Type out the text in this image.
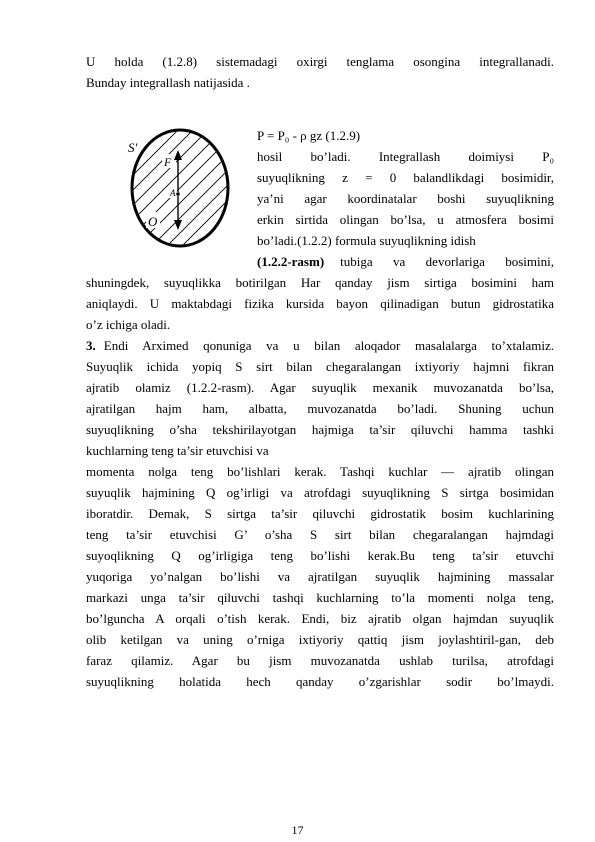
U holda (1.2.8) sistemadagi oxirgi tenglama osongina integrallanadi.
Bunday integrallash natijasida .
S'
F
A
O
P = P₀ - ρ gz (1.2.9)
hosil bo’ladi. Integrallash doimiysi P₀
suyuqlikning z = 0 balandlikdagi bosimidir,
ya’ni agar koordinatalar boshi suyuqlikning
erkin sirtida olingan bo’lsa, u atmosfera bosimi
bo’ladi.(1.2.2) formula suyuqlikning idish
(1.2.2-rasm) tubiga va devorlariga bosimini,
shuningdek, suyuqlikka botirilgan Har qanday jism sirtiga bosimini ham
aniqlaydi. U maktabdagi fizika kursida bayon qilinadigan butun gidrostatika
o’z ichiga oladi.
3. Endi Arximed qonuniga va u bilan aloqador masalalarga to’xtalamiz.
Suyuqlik ichida yopiq S sirt bilan chegaralangan ixtiyoriy hajmni fikran
ajratib olamiz (1.2.2-rasm). Agar suyuqlik mexanik muvozanatda bo’lsa,
ajratilgan hajm ham, albatta, muvozanatda bo’ladi. Shuning uchun
suyuqlikning o’sha tekshirilayotgan hajmiga ta’sir qiluvchi hamma tashki
kuchlarning teng ta’sir etuvchisi va
momenta nolga teng bo’lishlari kerak. Tashqi kuchlar — ajratib olingan
suyuqlik hajmining Q og’irligi va atrofdagi suyuqlikning S sirtga bosimidan
iboratdir. Demak, S sirtga ta’sir qiluvchi gidrostatik bosim kuchlarining
teng ta’sir etuvchisi G’ o’sha S sirt bilan chegaralangan hajmdagi
suyoqlikning Q og’irligiga teng bo’lishi kerak.Bu teng ta’sir etuvchi
yuqoriga yo’nalgan bo’lishi va ajratilgan suyuqlik hajmining massalar
markazi unga ta’sir qiluvchi tashqi kuchlarning to’la momenti nolga teng,
bo’lguncha A orqali o’tish kerak. Endi, biz ajratib olgan hajmdan suyuqlik
olib ketilgan va uning o’rniga ixtiyoriy qattiq jism joylashtiril-gan, deb
faraz qilamiz. Agar bu jism muvozanatda ushlab turilsa, atrofdagi
suyuqlikning holatida hech qanday o’zgarishlar sodir bo’lmaydi.
17
